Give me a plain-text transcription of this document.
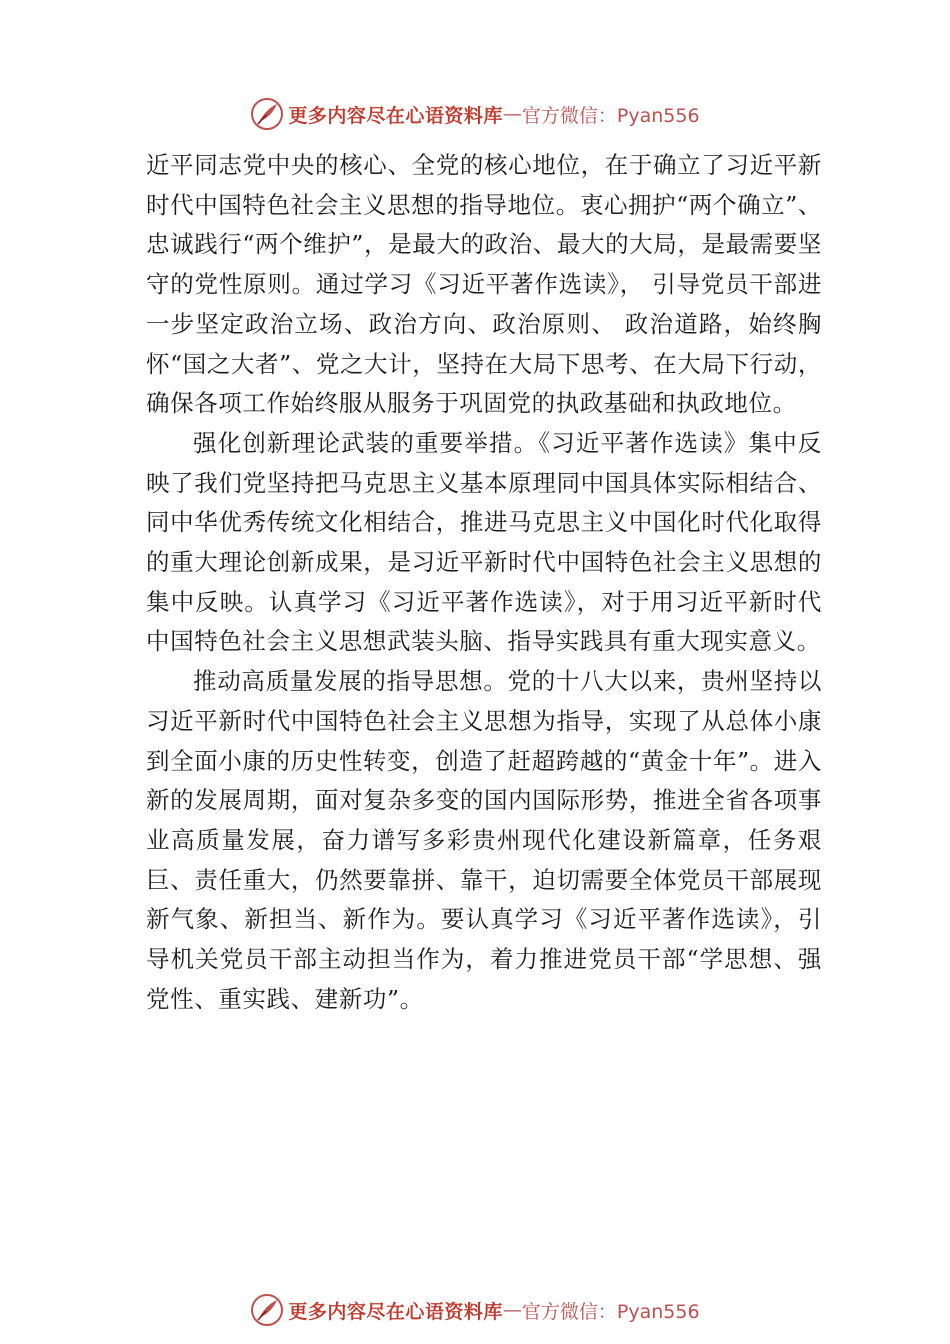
更多内容尽在心语资料库 — 官方微信：Pyan556

近平同志党中央的核心、全党的核心地位，在于确立了习近平新时代中国特色社会主义思想的指导地位。衷心拥护“两个确立”、忠诚践行“两个维护”，是最大的政治、最大的大局，是最需要坚守的党性原则。通过学习《习近平著作选读》， 引导党员干部进一步坚定政治立场、政治方向、政治原则、 政治道路，始终胸怀“国之大者”、党之大计，坚持在大局下思考、在大局下行动，确保各项工作始终服从服务于巩固党的执政基础和执政地位。

强化创新理论武装的重要举措。《习近平著作选读》集中反映了我们党坚持把马克思主义基本原理同中国具体实际相结合、同中华优秀传统文化相结合，推进马克思主义中国化时代化取得的重大理论创新成果，是习近平新时代中国特色社会主义思想的集中反映。认真学习《习近平著作选读》，对于用习近平新时代中国特色社会主义思想武装头脑、指导实践具有重大现实意义。

推动高质量发展的指导思想。党的十八大以来，贵州坚持以习近平新时代中国特色社会主义思想为指导，实现了从总体小康到全面小康的历史性转变，创造了赶超跨越的“黄金十年”。进入新的发展周期，面对复杂多变的国内国际形势，推进全省各项事业高质量发展，奋力谱写多彩贵州现代化建设新篇章，任务艰巨、责任重大，仍然要靠拼、靠干，迫切需要全体党员干部展现新气象、新担当、新作为。要认真学习《习近平著作选读》，引导机关党员干部主动担当作为，着力推进党员干部“学思想、强党性、重实践、建新功”。

更多内容尽在心语资料库 — 官方微信：Pyan556
